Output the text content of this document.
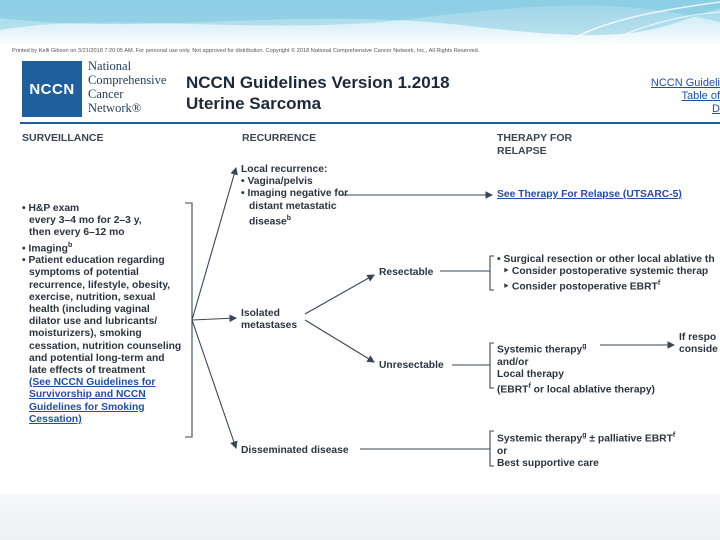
Printed by Kelli Gibson on 3/21/2018 7:20:05 AM. For personal use only. Not approved for distribution. Copyright © 2018 National Comprehensive Cancer Network, Inc., All Rights Reserved.
NCCN
National
Comprehensive
Cancer
Network®
NCCN Guidelines Version 1.2018
Uterine Sarcoma
NCCN Guideli
Table of
D
SURVEILLANCE	RECURRENCE	THERAPY FOR
RELAPSE
• H&P exam
every 3–4 mo for 2–3 y,
then every 6–12 mo
• Imaging$^b$
• Patient education regarding
symptoms of potential
recurrence, lifestyle, obesity,
exercise, nutrition, sexual
health (including vaginal
dilator use and lubricants/
moisturizers), smoking
cessation, nutrition counseling
and potential long-term and
late effects of treatment
(See NCCN Guidelines for
Survivorship and NCCN
Guidelines for Smoking
Cessation)
Local recurrence:
• Vagina/pelvis
• Imaging negative for
distant metastatic
disease$^b$
Isolated
metastases
Resectable
Unresectable
Disseminated disease
See Therapy For Relapse (UTSARC-5)
• Surgical resection or other local ablative th
‣ Consider postoperative systemic therap
‣ Consider postoperative EBRT$^f$
Systemic therapy$^g$
and/or
Local therapy
(EBRT$^f$ or local ablative therapy)
If respo
conside
Systemic therapy$^g$ ± palliative EBRT$^f$
or
Best supportive care
